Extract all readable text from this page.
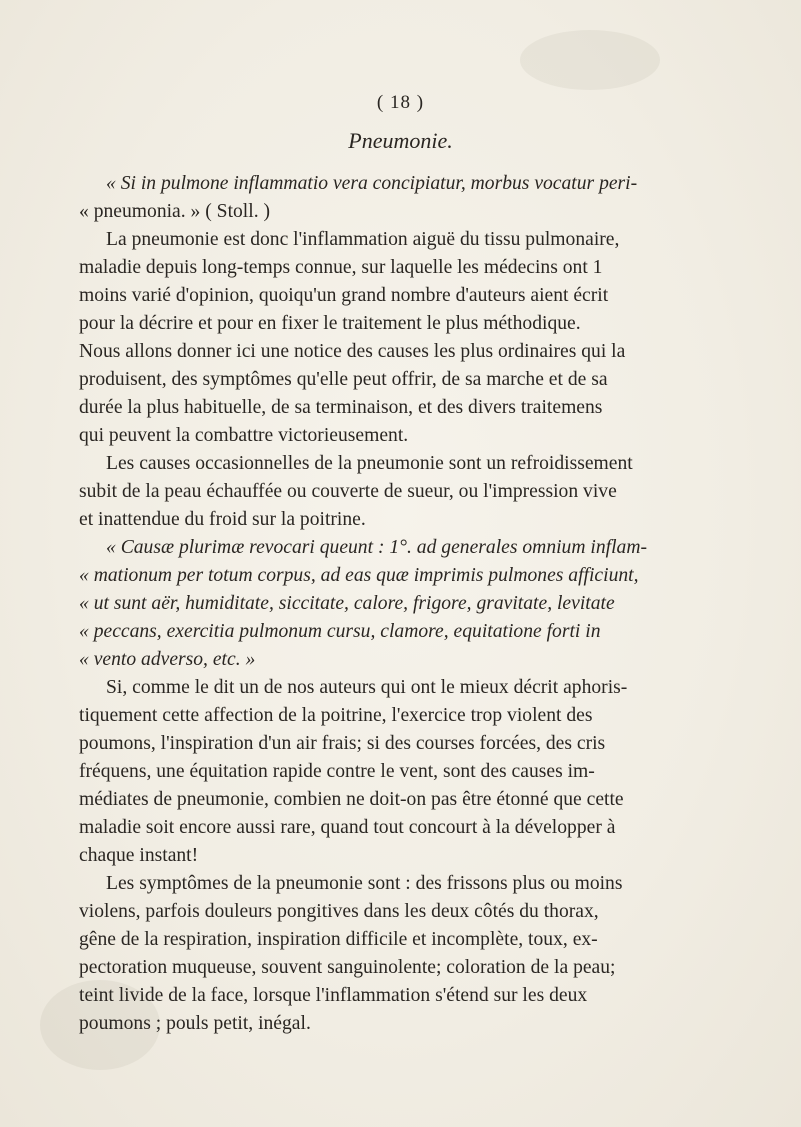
( 18 )
Pneumonie.
« Si in pulmone inflammatio vera concipiatur, morbus vocatur peri-
« pneumonia. » ( Stoll. )
La pneumonie est donc l'inflammation aiguë du tissu pulmonaire,
maladie depuis long-temps connue, sur laquelle les médecins ont 1
moins varié d'opinion, quoiqu'un grand nombre d'auteurs aient écrit
pour la décrire et pour en fixer le traitement le plus méthodique.
Nous allons donner ici une notice des causes les plus ordinaires qui la
produisent, des symptômes qu'elle peut offrir, de sa marche et de sa
durée la plus habituelle, de sa terminaison, et des divers traitemens
qui peuvent la combattre victorieusement.
Les causes occasionnelles de la pneumonie sont un refroidissement
subit de la peau échauffée ou couverte de sueur, ou l'impression vive
et inattendue du froid sur la poitrine.
« Causæ plurimæ revocari queunt : 1°. ad generales omnium inflam-
« mationum per totum corpus, ad eas quæ imprimis pulmones afficiunt,
« ut sunt aër, humiditate, siccitate, calore, frigore, gravitate, levitate
« peccans, exercitia pulmonum cursu, clamore, equitatione forti in
« vento adverso, etc. »
Si, comme le dit un de nos auteurs qui ont le mieux décrit aphoris-
tiquement cette affection de la poitrine, l'exercice trop violent des
poumons, l'inspiration d'un air frais; si des courses forcées, des cris
fréquens, une équitation rapide contre le vent, sont des causes im-
médiates de pneumonie, combien ne doit-on pas être étonné que cette
maladie soit encore aussi rare, quand tout concourt à la développer à
chaque instant!
Les symptômes de la pneumonie sont : des frissons plus ou moins
violens, parfois douleurs pongitives dans les deux côtés du thorax,
gêne de la respiration, inspiration difficile et incomplète, toux, ex-
pectoration muqueuse, souvent sanguinolente; coloration de la peau;
teint livide de la face, lorsque l'inflammation s'étend sur les deux
poumons ; pouls petit, inégal.
